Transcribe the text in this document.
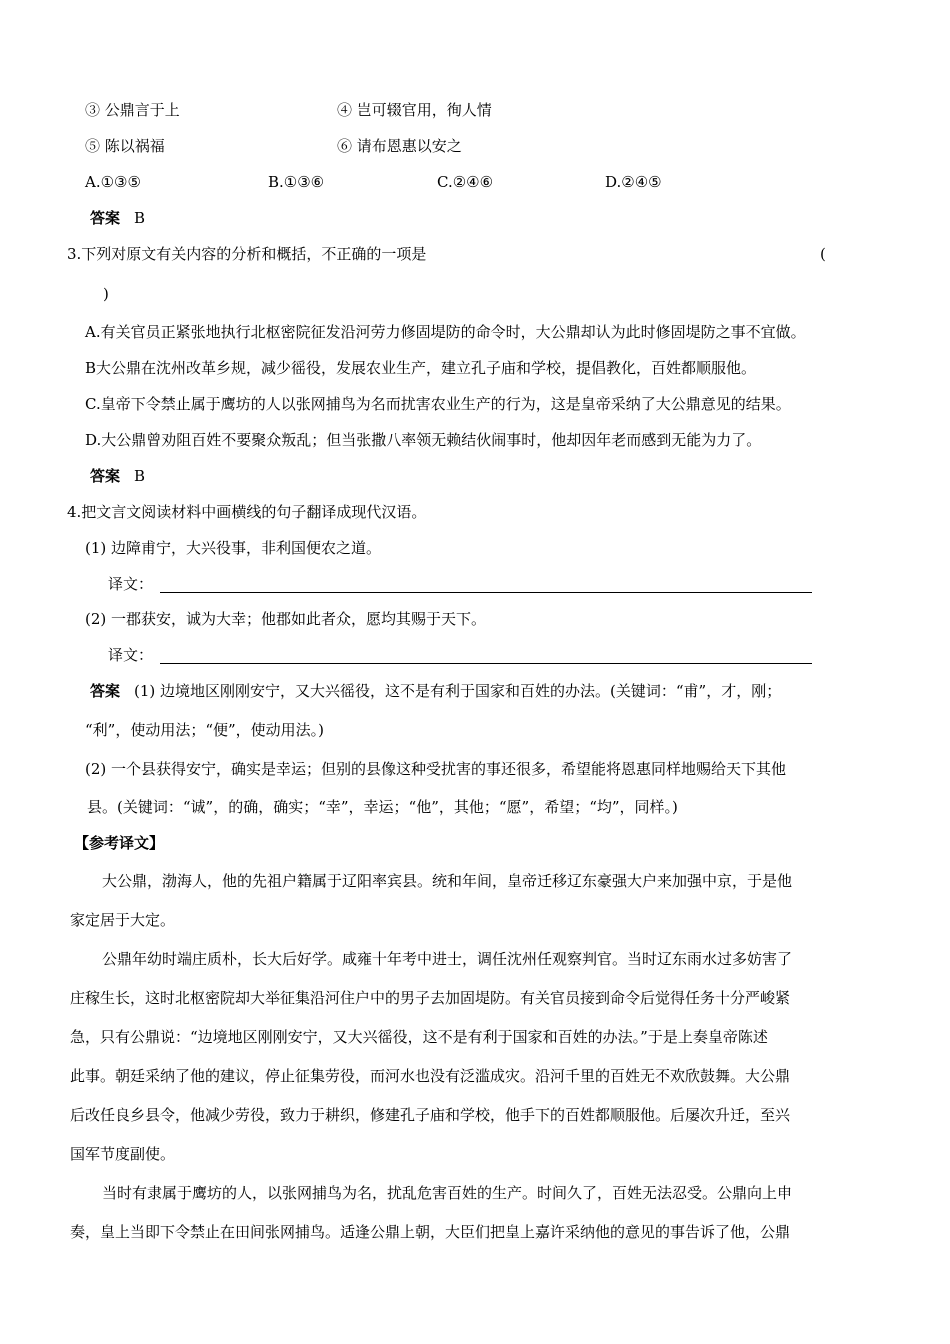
③ 公鼎言于上	④ 岂可辍官用，徇人情
⑤ 陈以祸福	⑥ 请布恩惠以安之
A.①③⑤	B.①③⑥	C.②④⑥	D.②④⑤
答案 B
3.下列对原文有关内容的分析和概括，不正确的一项是	(
)
A.有关官员正紧张地执行北枢密院征发沿河劳力修固堤防的命令时，大公鼎却认为此时修固堤防之事不宜做。
B大公鼎在沈州改革乡规，减少徭役，发展农业生产，建立孔子庙和学校，提倡教化，百姓都顺服他。
C.皇帝下令禁止属于鹰坊的人以张网捕鸟为名而扰害农业生产的行为，这是皇帝采纳了大公鼎意见的结果。
D.大公鼎曾劝阻百姓不要聚众叛乱；但当张撒八率领无赖结伙闹事时，他却因年老而感到无能为力了。
答案 B
4.把文言文阅读材料中画横线的句子翻译成现代汉语。
(1) 边障甫宁，大兴役事，非利国便农之道。
译文：
(2) 一郡获安，诚为大幸；他郡如此者众，愿均其赐于天下。
译文：
答案 (1) 边境地区刚刚安宁，又大兴徭役，这不是有利于国家和百姓的办法。(关键词：“甫”，才，刚；
“利”，使动用法；“便”，使动用法。)
(2) 一个县获得安宁，确实是幸运；但别的县像这种受扰害的事还很多，希望能将恩惠同样地赐给天下其他
县。(关键词：“诚”，的确，确实；“幸”，幸运；“他”，其他；“愿”，希望；“均”，同样。)
【参考译文】
大公鼎，渤海人，他的先祖户籍属于辽阳率宾县。统和年间，皇帝迁移辽东豪强大户来加强中京，于是他
家定居于大定。
公鼎年幼时端庄质朴，长大后好学。咸雍十年考中进士，调任沈州任观察判官。当时辽东雨水过多妨害了
庄稼生长，这时北枢密院却大举征集沿河住户中的男子去加固堤防。有关官员接到命令后觉得任务十分严峻紧
急，只有公鼎说：“边境地区刚刚安宁，又大兴徭役，这不是有利于国家和百姓的办法。”于是上奏皇帝陈述
此事。朝廷采纳了他的建议，停止征集劳役，而河水也没有泛滥成灾。沿河千里的百姓无不欢欣鼓舞。大公鼎
后改任良乡县令，他减少劳役，致力于耕织，修建孔子庙和学校，他手下的百姓都顺服他。后屡次升迁，至兴
国军节度副使。
当时有隶属于鹰坊的人，以张网捕鸟为名，扰乱危害百姓的生产。时间久了，百姓无法忍受。公鼎向上申
奏，皇上当即下令禁止在田间张网捕鸟。适逢公鼎上朝，大臣们把皇上嘉许采纳他的意见的事告诉了他，公鼎
